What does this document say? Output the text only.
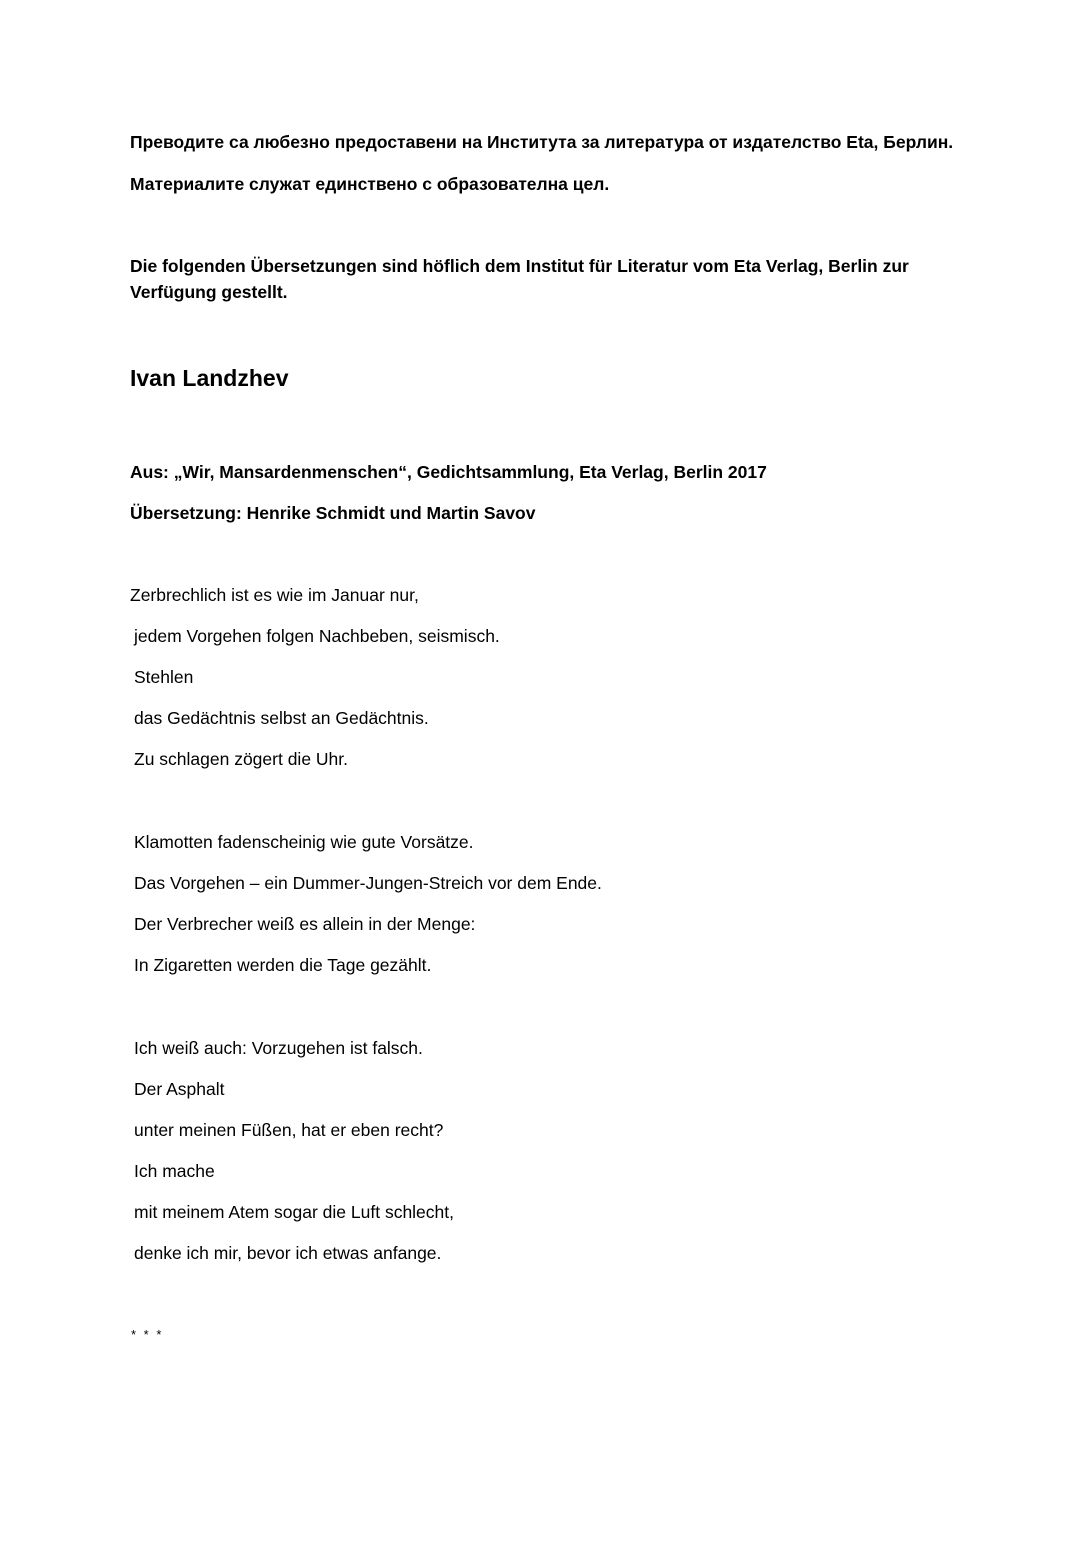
Преводите са любезно предоставени на Института за литература от издателство Eta, Берлин.

Материалите служат единствено с образователна цел.

Die folgenden Übersetzungen sind höflich dem Institut für Literatur vom Eta Verlag, Berlin zur Verfügung gestellt.

Ivan Landzhev

Aus: „Wir, Mansardenmenschen“, Gedichtsammlung, Eta Verlag, Berlin 2017

Übersetzung: Henrike Schmidt und Martin Savov

Zerbrechlich ist es wie im Januar nur,

jedem Vorgehen folgen Nachbeben, seismisch.

Stehlen

das Gedächtnis selbst an Gedächtnis.

Zu schlagen zögert die Uhr.

Klamotten fadenscheinig wie gute Vorsätze.

Das Vorgehen – ein Dummer-Jungen-Streich vor dem Ende.

Der Verbrecher weiß es allein in der Menge:

In Zigaretten werden die Tage gezählt.

Ich weiß auch: Vorzugehen ist falsch.

Der Asphalt

unter meinen Füßen, hat er eben recht?

Ich mache

mit meinem Atem sogar die Luft schlecht,

denke ich mir, bevor ich etwas anfange.

* * *
